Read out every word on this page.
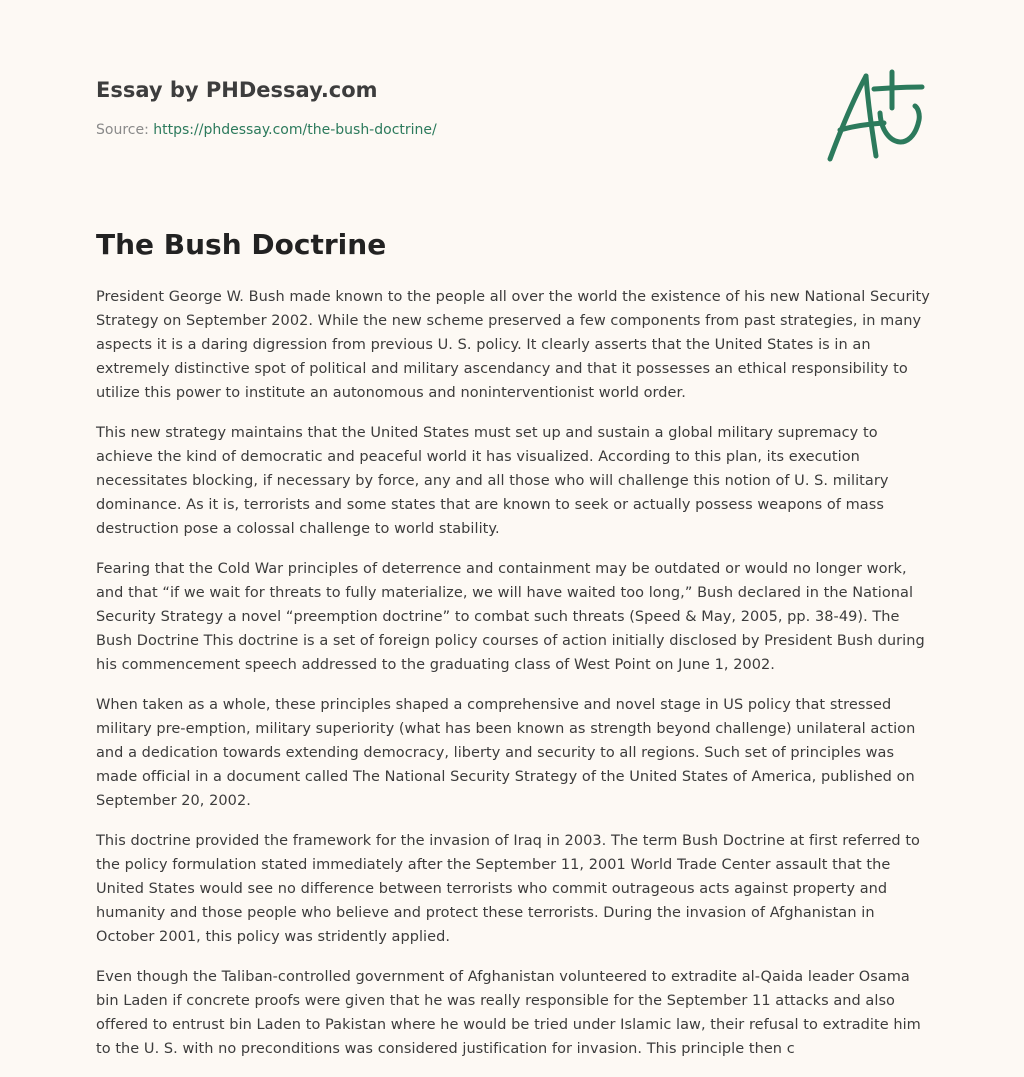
Essay by PHDessay.com
Source: https://phdessay.com/the-bush-doctrine/
The Bush Doctrine

President George W. Bush made known to the people all over the world the existence of his new National Security Strategy on September 2002. While the new scheme preserved a few components from past strategies, in many aspects it is a daring digression from previous U. S. policy. It clearly asserts that the United States is in an extremely distinctive spot of political and military ascendancy and that it possesses an ethical responsibility to utilize this power to institute an autonomous and noninterventionist world order.

This new strategy maintains that the United States must set up and sustain a global military supremacy to achieve the kind of democratic and peaceful world it has visualized. According to this plan, its execution necessitates blocking, if necessary by force, any and all those who will challenge this notion of U. S. military dominance. As it is, terrorists and some states that are known to seek or actually possess weapons of mass destruction pose a colossal challenge to world stability.

Fearing that the Cold War principles of deterrence and containment may be outdated or would no longer work, and that “if we wait for threats to fully materialize, we will have waited too long,” Bush declared in the National Security Strategy a novel “preemption doctrine” to combat such threats (Speed & May, 2005, pp. 38-49). The Bush Doctrine This doctrine is a set of foreign policy courses of action initially disclosed by President Bush during his commencement speech addressed to the graduating class of West Point on June 1, 2002.

When taken as a whole, these principles shaped a comprehensive and novel stage in US policy that stressed military pre-emption, military superiority (what has been known as strength beyond challenge) unilateral action and a dedication towards extending democracy, liberty and security to all regions. Such set of principles was made official in a document called The National Security Strategy of the United States of America, published on September 20, 2002.

This doctrine provided the framework for the invasion of Iraq in 2003. The term Bush Doctrine at first referred to the policy formulation stated immediately after the September 11, 2001 World Trade Center assault that the United States would see no difference between terrorists who commit outrageous acts against property and humanity and those people who believe and protect these terrorists. During the invasion of Afghanistan in October 2001, this policy was stridently applied.

Even though the Taliban-controlled government of Afghanistan volunteered to extradite al-Qaida leader Osama bin Laden if concrete proofs were given that he was really responsible for the September 11 attacks and also offered to entrust bin Laden to Pakistan where he would be tried under Islamic law, their refusal to extradite him to the U. S. with no preconditions was considered justification for invasion. This principle then c
